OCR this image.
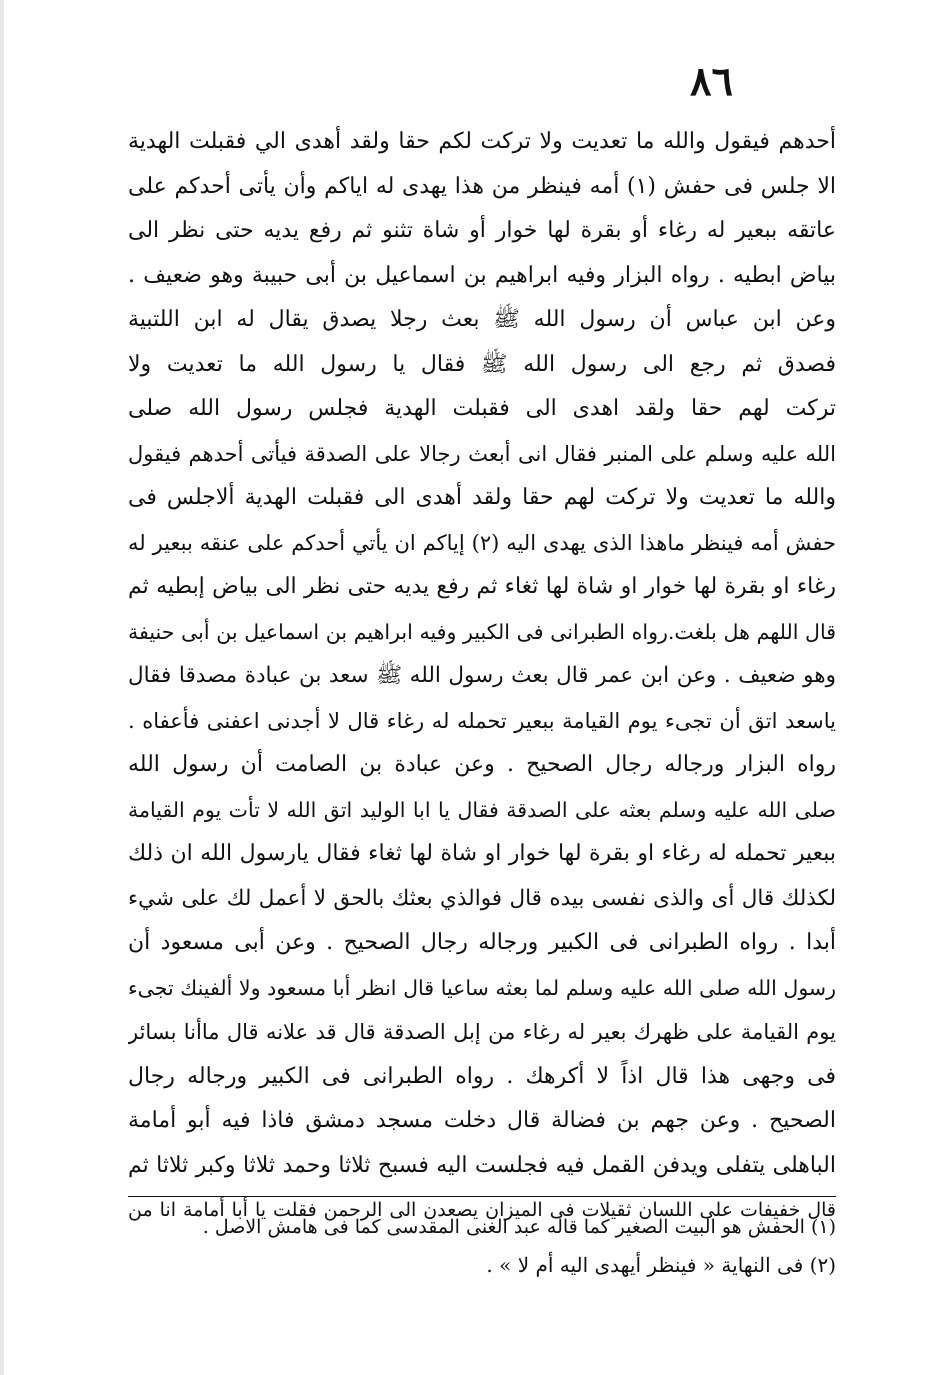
٨٦
أحدهم فيقول والله ما تعديت ولا تركت لكم حقا ولقد أهدى الي فقبلت الهدية
الا جلس فى حفش (١) أمه فينظر من هذا يهدى له اياكم وأن يأتى أحدكم على
عاتقه ببعير له رغاء أو بقرة لها خوار أو شاة تثنو ثم رفع يديه حتى نظر الى
بياض ابطيه . رواه البزار وفيه ابراهيم بن اسماعيل بن أبى حبيبة وهو ضعيف .
وعن ابن عباس أن رسول الله ﷺ بعث رجلا يصدق يقال له ابن اللتبية
فصدق ثم رجع الى رسول الله ﷺ فقال يا رسول الله ما تعديت ولا
تركت لهم حقا ولقد اهدى الى فقبلت الهدية فجلس رسول الله صلى
الله عليه وسلم على المنبر فقال انى أبعث رجالا على الصدقة فيأتى أحدهم فيقول
والله ما تعديت ولا تركت لهم حقا ولقد أهدى الى فقبلت الهدية ألاجلس فى
حفش أمه فينظر ماهذا الذى يهدى اليه (٢) إياكم ان يأتي أحدكم على عنقه ببعير له
رغاء او بقرة لها خوار او شاة لها ثغاء ثم رفع يديه حتى نظر الى بياض إبطيه ثم
قال اللهم هل بلغت.رواه الطبرانى فى الكبير وفيه ابراهيم بن اسماعيل بن أبى حنيفة
وهو ضعيف . وعن ابن عمر قال بعث رسول الله ﷺ سعد بن عبادة مصدقا فقال
ياسعد اتق أن تجىء يوم القيامة ببعير تحمله له رغاء قال لا أجدنى اعفنى فأعفاه .
رواه البزار ورجاله رجال الصحيح . وعن عبادة بن الصامت أن رسول الله
صلى الله عليه وسلم بعثه على الصدقة فقال يا ابا الوليد اتق الله لا تأت يوم القيامة
ببعير تحمله له رغاء او بقرة لها خوار او شاة لها ثغاء فقال يارسول الله ان ذلك
لكذلك قال أى والذى نفسى بيده قال فوالذي بعثك بالحق لا أعمل لك على شيء
أبدا . رواه الطبرانى فى الكبير ورجاله رجال الصحيح . وعن أبى مسعود أن
رسول الله صلى الله عليه وسلم لما بعثه ساعيا قال انظر أبا مسعود ولا ألفينك تجىء
يوم القيامة على ظهرك بعير له رغاء من إبل الصدقة قال قد علانه قال ماأنا بسائر
فى وجهى هذا قال اذاً لا أكرهك . رواه الطبرانى فى الكبير ورجاله رجال
الصحيح . وعن جهم بن فضالة قال دخلت مسجد دمشق فاذا فيه أبو أمامة
الباهلى يتفلى ويدفن القمل فيه فجلست اليه فسبح ثلاثا وحمد ثلاثا وكبر ثلاثا ثم
قال خفيفات على اللسان ثقيلات فى الميزان يصعدن الى الرحمن فقلت يا أبا أمامة انا من
(١) الحفش هو البيت الصغير كما قاله عبد الغنى المقدسى كما فى هامش الاصل .
(٢) فى النهاية « فينظر أيهدى اليه أم لا » .
